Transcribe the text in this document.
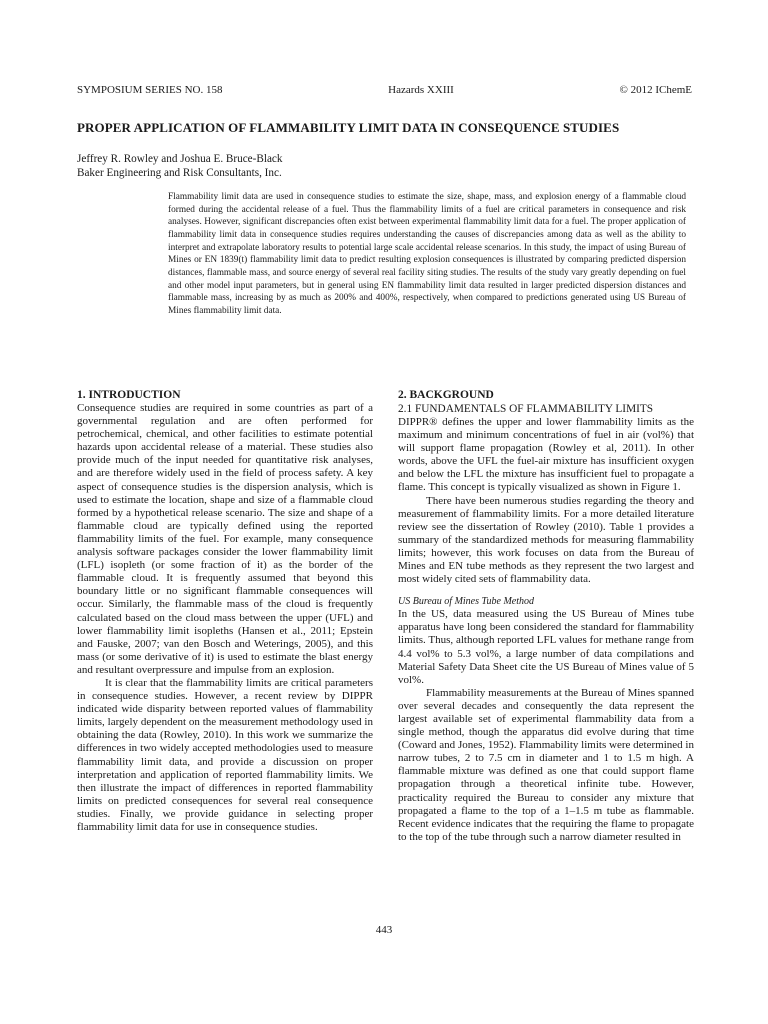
SYMPOSIUM SERIES NO. 158	Hazards XXIII	© 2012 IChemE
PROPER APPLICATION OF FLAMMABILITY LIMIT DATA IN CONSEQUENCE STUDIES
Jeffrey R. Rowley and Joshua E. Bruce-Black
Baker Engineering and Risk Consultants, Inc.
Flammability limit data are used in consequence studies to estimate the size, shape, mass, and explosion energy of a flammable cloud formed during the accidental release of a fuel. Thus the flammability limits of a fuel are critical parameters in consequence and risk analyses. However, significant discrepancies often exist between experimental flammability limit data for a fuel. The proper application of flammability limit data in consequence studies requires understanding the causes of discrepancies among data as well as the ability to interpret and extrapolate laboratory results to potential large scale accidental release scenarios. In this study, the impact of using Bureau of Mines or EN 1839(t) flammability limit data to predict resulting explosion consequences is illustrated by comparing predicted dispersion distances, flammable mass, and source energy of several real facility siting studies. The results of the study vary greatly depending on fuel and other model input parameters, but in general using EN flammability limit data resulted in larger predicted dispersion distances and flammable mass, increasing by as much as 200% and 400%, respectively, when compared to predictions generated using US Bureau of Mines flammability limit data.
1. INTRODUCTION

Consequence studies are required in some countries as part of a governmental regulation and are often performed for petrochemical, chemical, and other facilities to estimate potential hazards upon accidental release of a material. These studies also provide much of the input needed for quantitative risk analyses, and are therefore widely used in the field of process safety. A key aspect of consequence studies is the dispersion analysis, which is used to estimate the location, shape and size of a flammable cloud formed by a hypothetical release scenario. The size and shape of a flammable cloud are typically defined using the reported flammability limits of the fuel. For example, many consequence analysis software packages consider the lower flammability limit (LFL) isopleth (or some fraction of it) as the border of the flammable cloud. It is frequently assumed that beyond this boundary little or no significant flammable consequences will occur. Similarly, the flammable mass of the cloud is frequently calculated based on the cloud mass between the upper (UFL) and lower flammability limit isopleths (Hansen et al., 2011; Epstein and Fauske, 2007; van den Bosch and Weterings, 2005), and this mass (or some derivative of it) is used to estimate the blast energy and resultant overpressure and impulse from an explosion.

It is clear that the flammability limits are critical parameters in consequence studies. However, a recent review by DIPPR indicated wide disparity between reported values of flammability limits, largely dependent on the measurement methodology used in obtaining the data (Rowley, 2010). In this work we summarize the differences in two widely accepted methodologies used to measure flammability limit data, and provide a discussion on proper interpretation and application of reported flammability limits. We then illustrate the impact of differences in reported flammability limits on predicted consequences for several real consequence studies. Finally, we provide guidance in selecting proper flammability limit data for use in consequence studies.

2. BACKGROUND
2.1 FUNDAMENTALS OF FLAMMABILITY LIMITS

DIPPR® defines the upper and lower flammability limits as the maximum and minimum concentrations of fuel in air (vol%) that will support flame propagation (Rowley et al, 2011). In other words, above the UFL the fuel-air mixture has insufficient oxygen and below the LFL the mixture has insufficient fuel to propagate a flame. This concept is typically visualized as shown in Figure 1.

There have been numerous studies regarding the theory and measurement of flammability limits. For a more detailed literature review see the dissertation of Rowley (2010). Table 1 provides a summary of the standardized methods for measuring flammability limits; however, this work focuses on data from the Bureau of Mines and EN tube methods as they represent the two largest and most widely cited sets of flammability data.

US Bureau of Mines Tube Method

In the US, data measured using the US Bureau of Mines tube apparatus have long been considered the standard for flammability limits. Thus, although reported LFL values for methane range from 4.4 vol% to 5.3 vol%, a large number of data compilations and Material Safety Data Sheet cite the US Bureau of Mines value of 5 vol%.

Flammability measurements at the Bureau of Mines spanned over several decades and consequently the data represent the largest available set of experimental flammability data from a single method, though the apparatus did evolve during that time (Coward and Jones, 1952). Flammability limits were determined in narrow tubes, 2 to 7.5 cm in diameter and 1 to 1.5 m high. A flammable mixture was defined as one that could support flame propagation through a theoretical infinite tube. However, practicality required the Bureau to consider any mixture that propagated a flame to the top of a 1–1.5 m tube as flammable. Recent evidence indicates that the requiring the flame to propagate to the top of the tube through such a narrow diameter resulted in

443
